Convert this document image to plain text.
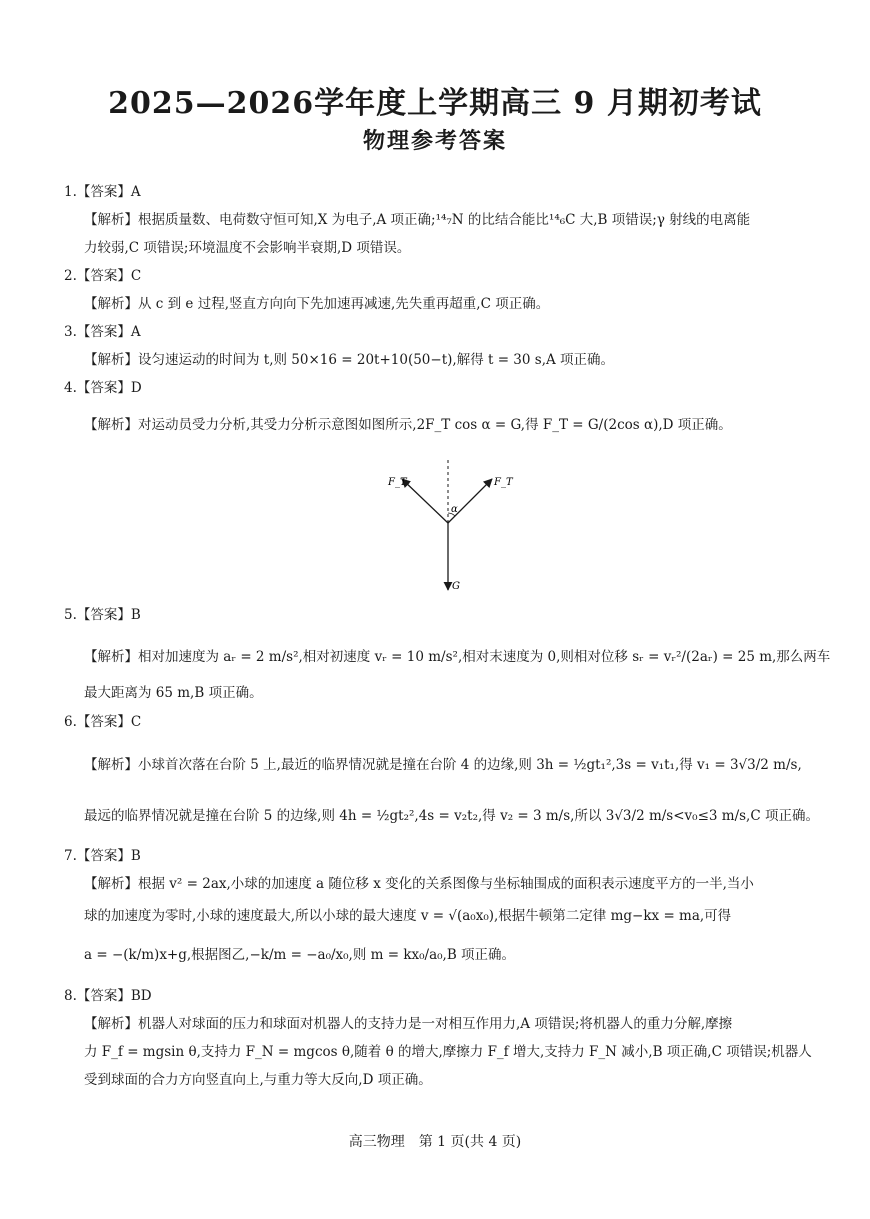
2025—2026学年度上学期高三 9 月期初考试
物理参考答案
1.【答案】A
【解析】根据质量数、电荷数守恒可知,X 为电子,A 项正确;¹⁴₇N 的比结合能比¹⁴₆C 大,B 项错误;γ 射线的电离能
力较弱,C 项错误;环境温度不会影响半衰期,D 项错误。
2.【答案】C
【解析】从 c 到 e 过程,竖直方向向下先加速再减速,先失重再超重,C 项正确。
3.【答案】A
【解析】设匀速运动的时间为 t,则 50×16 = 20t+10(50−t),解得 t = 30 s,A 项正确。
4.【答案】D
【解析】对运动员受力分析,其受力分析示意图如图所示,2F_T cos α = G,得 F_T = G/(2cos α),D 项正确。
F_T	F_T
α
G
5.【答案】B
【解析】相对加速度为 aᵣ = 2 m/s²,相对初速度 vᵣ = 10 m/s²,相对末速度为 0,则相对位移 sᵣ = vᵣ²/(2aᵣ) = 25 m,那么两车
最大距离为 65 m,B 项正确。
6.【答案】C
【解析】小球首次落在台阶 5 上,最近的临界情况就是撞在台阶 4 的边缘,则 3h = ½gt₁²,3s = v₁t₁,得 v₁ = 3√3/2 m/s,
最远的临界情况就是撞在台阶 5 的边缘,则 4h = ½gt₂²,4s = v₂t₂,得 v₂ = 3 m/s,所以 3√3/2 m/s<v₀≤3 m/s,C 项正确。
7.【答案】B
【解析】根据 v² = 2ax,小球的加速度 a 随位移 x 变化的关系图像与坐标轴围成的面积表示速度平方的一半,当小
球的加速度为零时,小球的速度最大,所以小球的最大速度 v = √(a₀x₀),根据牛顿第二定律 mg−kx = ma,可得
a = −(k/m)x+g,根据图乙,−k/m = −a₀/x₀,则 m = kx₀/a₀,B 项正确。
8.【答案】BD
【解析】机器人对球面的压力和球面对机器人的支持力是一对相互作用力,A 项错误;将机器人的重力分解,摩擦
力 F_f = mgsin θ,支持力 F_N = mgcos θ,随着 θ 的增大,摩擦力 F_f 增大,支持力 F_N 减小,B 项正确,C 项错误;机器人
受到球面的合力方向竖直向上,与重力等大反向,D 项正确。
高三物理　第 1 页(共 4 页)
